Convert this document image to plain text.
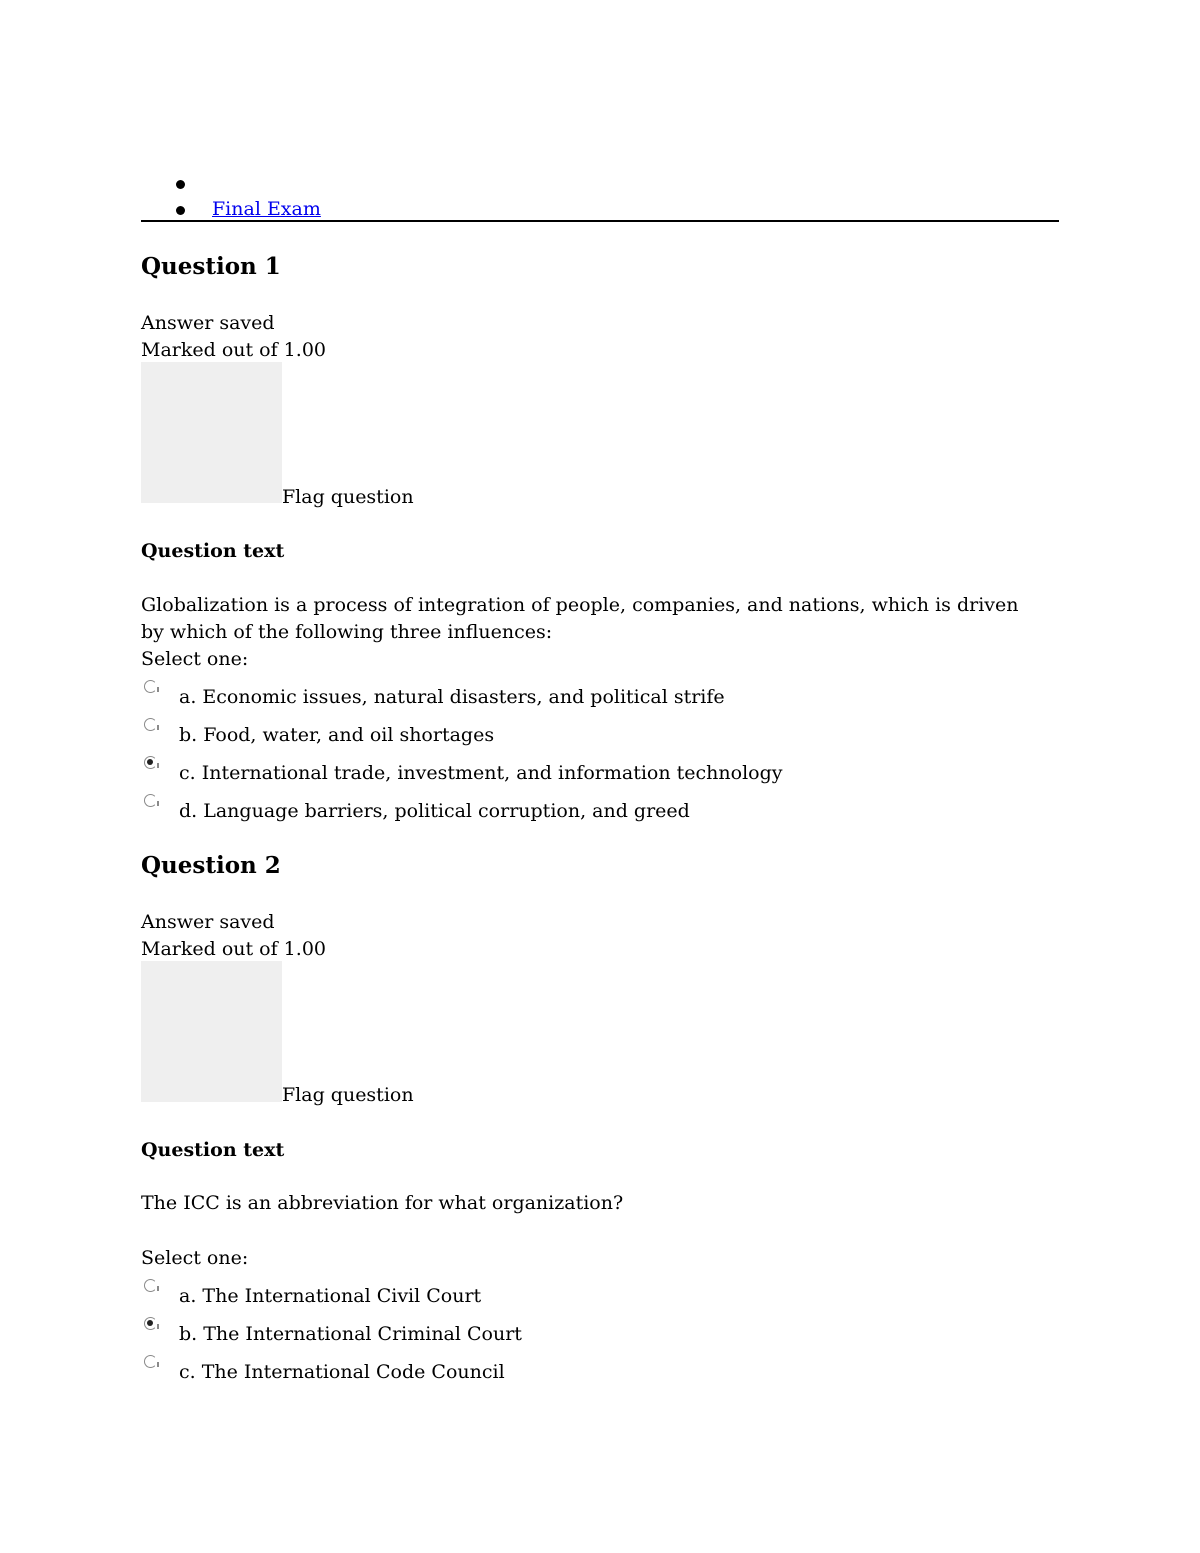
Final Exam
Question 1
Answer saved
Marked out of 1.00
Flag question
Question text
Globalization is a process of integration of people, companies, and nations, which is driven by which of the following three influences:
Select one:
a. Economic issues, natural disasters, and political strife
b. Food, water, and oil shortages
c. International trade, investment, and information technology
d. Language barriers, political corruption, and greed
Question 2
Answer saved
Marked out of 1.00
Flag question
Question text
The ICC is an abbreviation for what organization?
Select one:
a. The International Civil Court
b. The International Criminal Court
c. The International Code Council
